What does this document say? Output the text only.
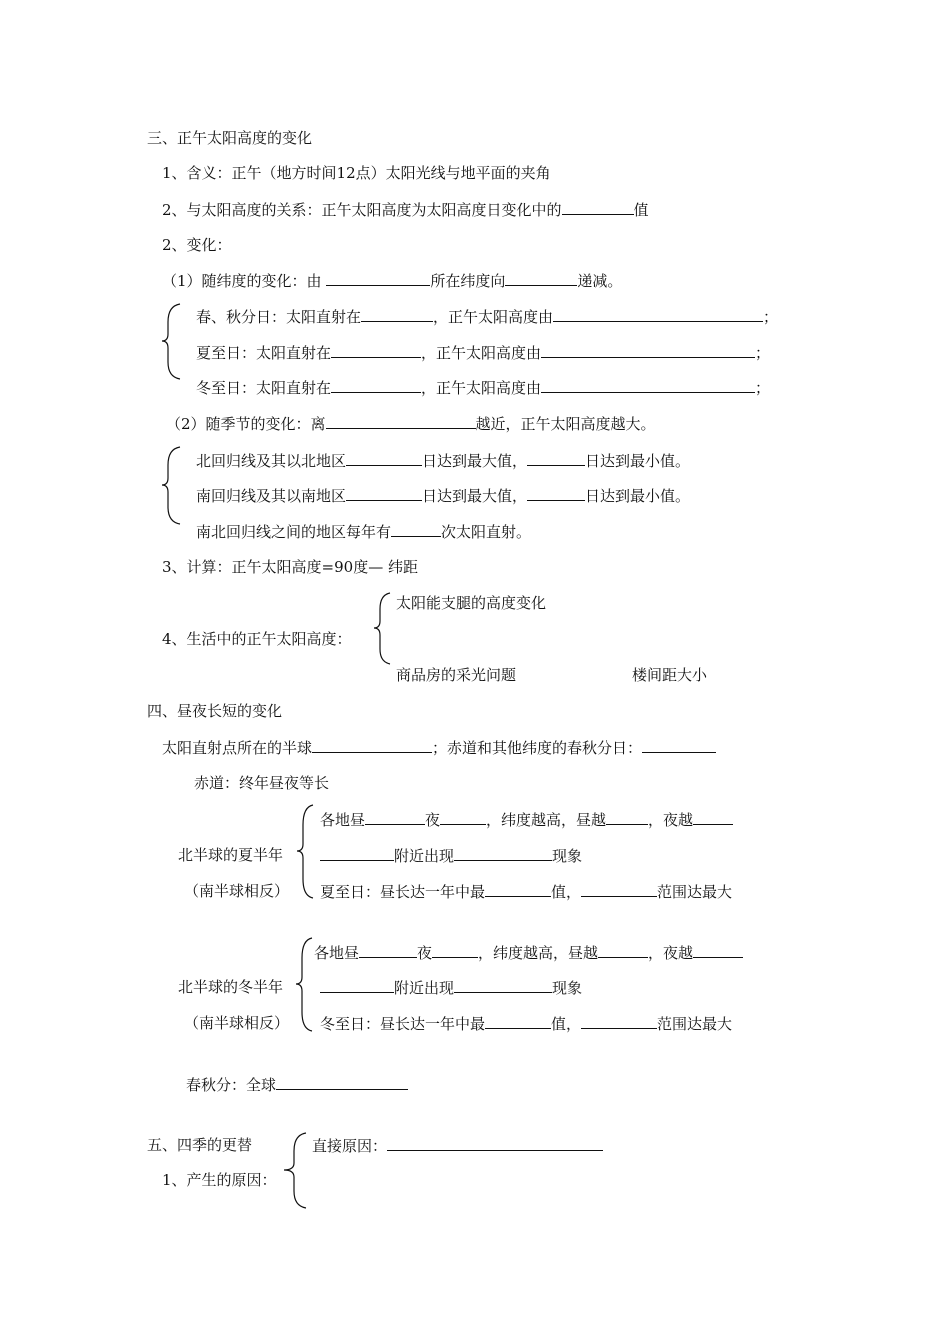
三、正午太阳高度的变化
1、含义：正午（地方时间12点）太阳光线与地平面的夹角
2、与太阳高度的关系：正午太阳高度为太阳高度日变化中的	值
2、变化：
（1）随纬度的变化：由	所在纬度向	递减。
春、秋分日：太阳直射在	，正午太阳高度由	；
夏至日：太阳直射在	，正午太阳高度由	；
冬至日：太阳直射在	，正午太阳高度由	；
（2）随季节的变化：离	越近，正午太阳高度越大。
北回归线及其以北地区	日达到最大值，	日达到最小值。
南回归线及其以南地区	日达到最大值，	日达到最小值。
南北回归线之间的地区每年有	次太阳直射。
3、计算：正午太阳高度=90度— 纬距
太阳能支腿的高度变化
4、生活中的正午太阳高度：
商品房的采光问题	楼间距大小
四、昼夜长短的变化
太阳直射点所在的半球	；赤道和其他纬度的春秋分日：
赤道：终年昼夜等长
各地昼	夜	，纬度越高，昼越	，夜越
北半球的夏半年	附近出现	现象
（南半球相反） 夏至日：昼长达一年中最	值，	范围达最大
各地昼	夜	，纬度越高，昼越	，夜越
北半球的冬半年	附近出现	现象
（南半球相反） 冬至日：昼长达一年中最	值，	范围达最大
春秋分：全球
五、四季的更替	直接原因：
1、产生的原因：
